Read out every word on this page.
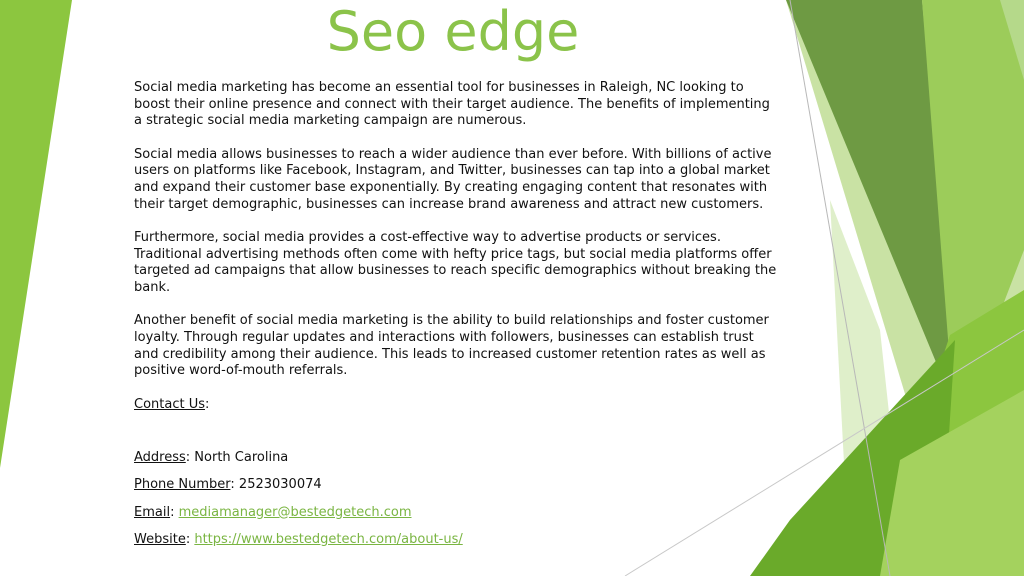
Seo edge

Social media marketing has become an essential tool for businesses in Raleigh, NC looking to boost their online presence and connect with their target audience. The benefits of implementing a strategic social media marketing campaign are numerous.

Social media allows businesses to reach a wider audience than ever before. With billions of active users on platforms like Facebook, Instagram, and Twitter, businesses can tap into a global market and expand their customer base exponentially. By creating engaging content that resonates with their target demographic, businesses can increase brand awareness and attract new customers.

Furthermore, social media provides a cost-effective way to advertise products or services. Traditional advertising methods often come with hefty price tags, but social media platforms offer targeted ad campaigns that allow businesses to reach specific demographics without breaking the bank.

Another benefit of social media marketing is the ability to build relationships and foster customer loyalty. Through regular updates and interactions with followers, businesses can establish trust and credibility among their audience. This leads to increased customer retention rates as well as positive word-of-mouth referrals.

Contact Us:

Address: North Carolina

Phone Number: 2523030074

Email: mediamanager@bestedgetech.com

Website: https://www.bestedgetech.com/about-us/
